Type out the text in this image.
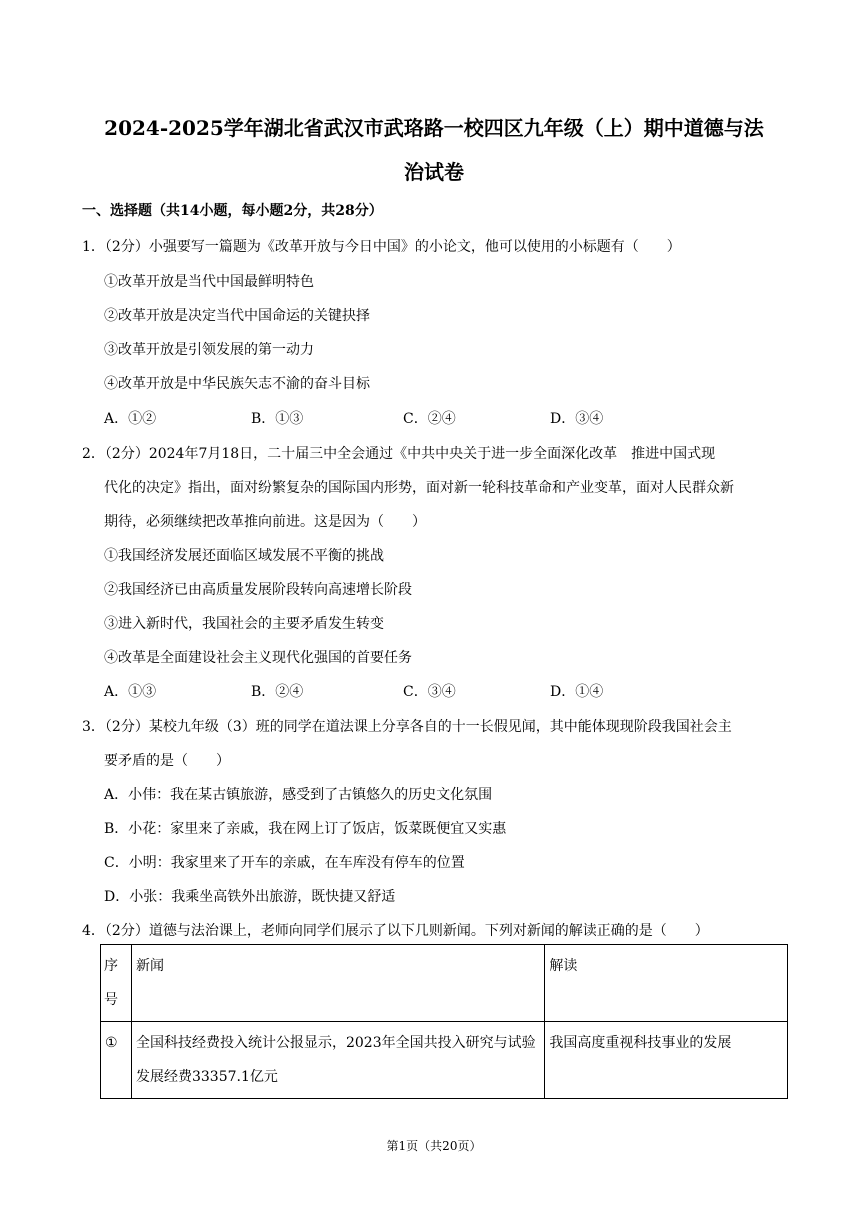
2024-2025学年湖北省武汉市武珞路一校四区九年级（上）期中道德与法
治试卷
一、选择题（共14小题，每小题2分，共28分）
1．（2分）小强要写一篇题为《改革开放与今日中国》的小论文，他可以使用的小标题有（　　）
①改革开放是当代中国最鲜明特色
②改革开放是决定当代中国命运的关键抉择
③改革开放是引领发展的第一动力
④改革开放是中华民族矢志不渝的奋斗目标
A．①②	B．①③	C．②④	D．③④
2．（2分）2024年7月18日，二十届三中全会通过《中共中央关于进一步全面深化改革　推进中国式现
代化的决定》指出，面对纷繁复杂的国际国内形势，面对新一轮科技革命和产业变革，面对人民群众新
期待，必须继续把改革推向前进。这是因为（　　）
①我国经济发展还面临区域发展不平衡的挑战
②我国经济已由高质量发展阶段转向高速增长阶段
③进入新时代，我国社会的主要矛盾发生转变
④改革是全面建设社会主义现代化强国的首要任务
A．①③	B．②④	C．③④	D．①④
3．（2分）某校九年级（3）班的同学在道法课上分享各自的十一长假见闻，其中能体现现阶段我国社会主
要矛盾的是（　　）
A．小伟：我在某古镇旅游，感受到了古镇悠久的历史文化氛围
B．小花：家里来了亲戚，我在网上订了饭店，饭菜既便宜又实惠
C．小明：我家里来了开车的亲戚，在车库没有停车的位置
D．小张：我乘坐高铁外出旅游，既快捷又舒适
4．（2分）道德与法治课上，老师向同学们展示了以下几则新闻。下列对新闻的解读正确的是（　　）
序号	新闻	解读
①	全国科技经费投入统计公报显示，2023年全国共投入研究与试验发展经费33357.1亿元	我国高度重视科技事业的发展
第1页（共20页）
